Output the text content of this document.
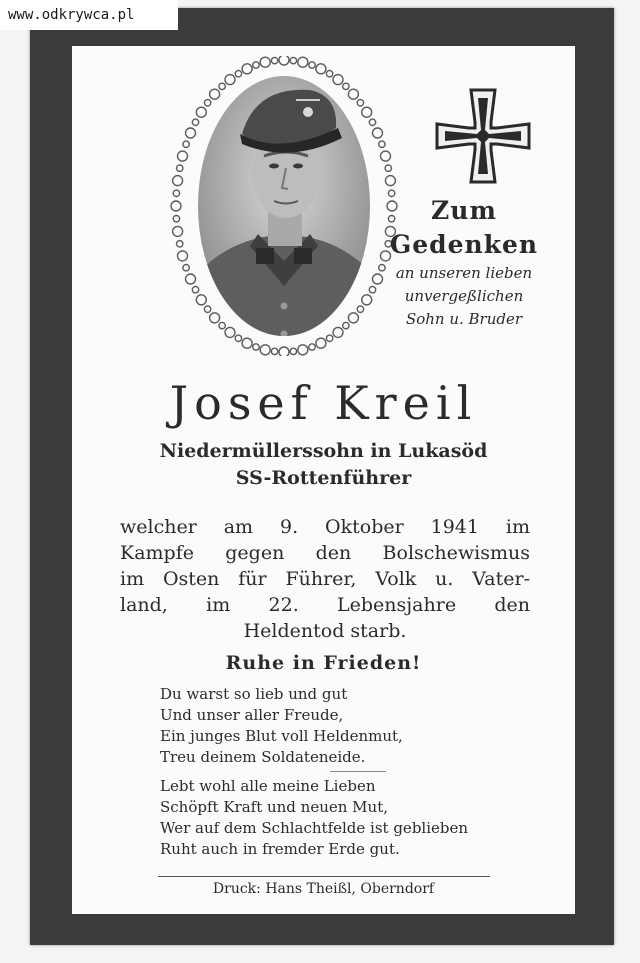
www.odkrywca.pl
Zum
Gedenken
an unseren lieben
unvergeßlichen
Sohn u. Bruder
Josef Kreil
Niedermüllerssohn in Lukasöd
SS-Rottenführer
welcher am 9. Oktober 1941 im
Kampfe gegen den Bolschewismus
im Osten für Führer, Volk u. Vater-
land, im 22. Lebensjahre den
Heldentod starb.
Ruhe in Frieden!
Du warst so lieb und gut
Und unser aller Freude,
Ein junges Blut voll Heldenmut,
Treu deinem Soldateneide.
Lebt wohl alle meine Lieben
Schöpft Kraft und neuen Mut,
Wer auf dem Schlachtfelde ist geblieben
Ruht auch in fremder Erde gut.
Druck: Hans Theißl, Oberndorf
